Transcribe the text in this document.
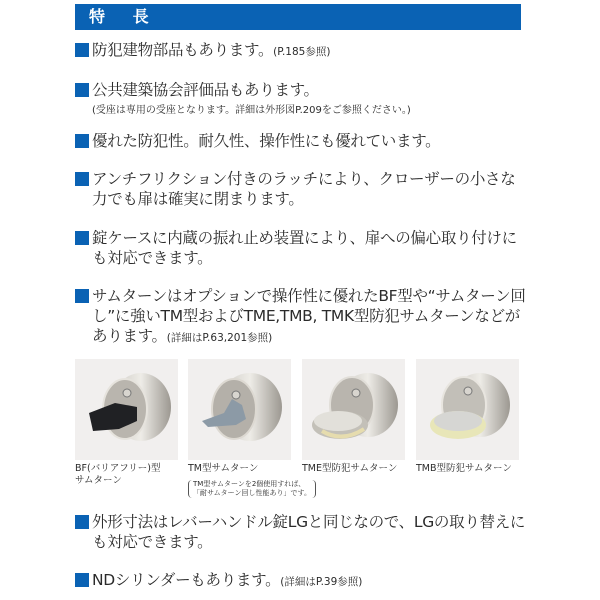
特 長
防犯建物部品もあります。(P.185参照)
公共建築協会評価品もあります。
(受座は専用の受座となります。詳細は外形図P.209をご参照ください。)
優れた防犯性。耐久性、操作性にも優れています。
アンチフリクション付きのラッチにより、クローザーの小さな力でも扉は確実に閉まります。
錠ケースに内蔵の振れ止め装置により、扉への偏心取り付けにも対応できます。
サムターンはオプションで操作性に優れたBF型や“サムターン回し”に強いTM型およびTME,TMB, TMK型防犯サムターンなどがあります。(詳細はP.63,201参照)
BF(バリアフリー)型
サムターン
TM型サムターン
TM型サムターンを2個使用すれば、
「耐サムターン回し性能あり」です。
TME型防犯サムターン TMB型防犯サムターン
外形寸法はレバーハンドル錠LGと同じなので、LGの取り替えにも対応できます。
NDシリンダーもあります。(詳細はP.39参照)
